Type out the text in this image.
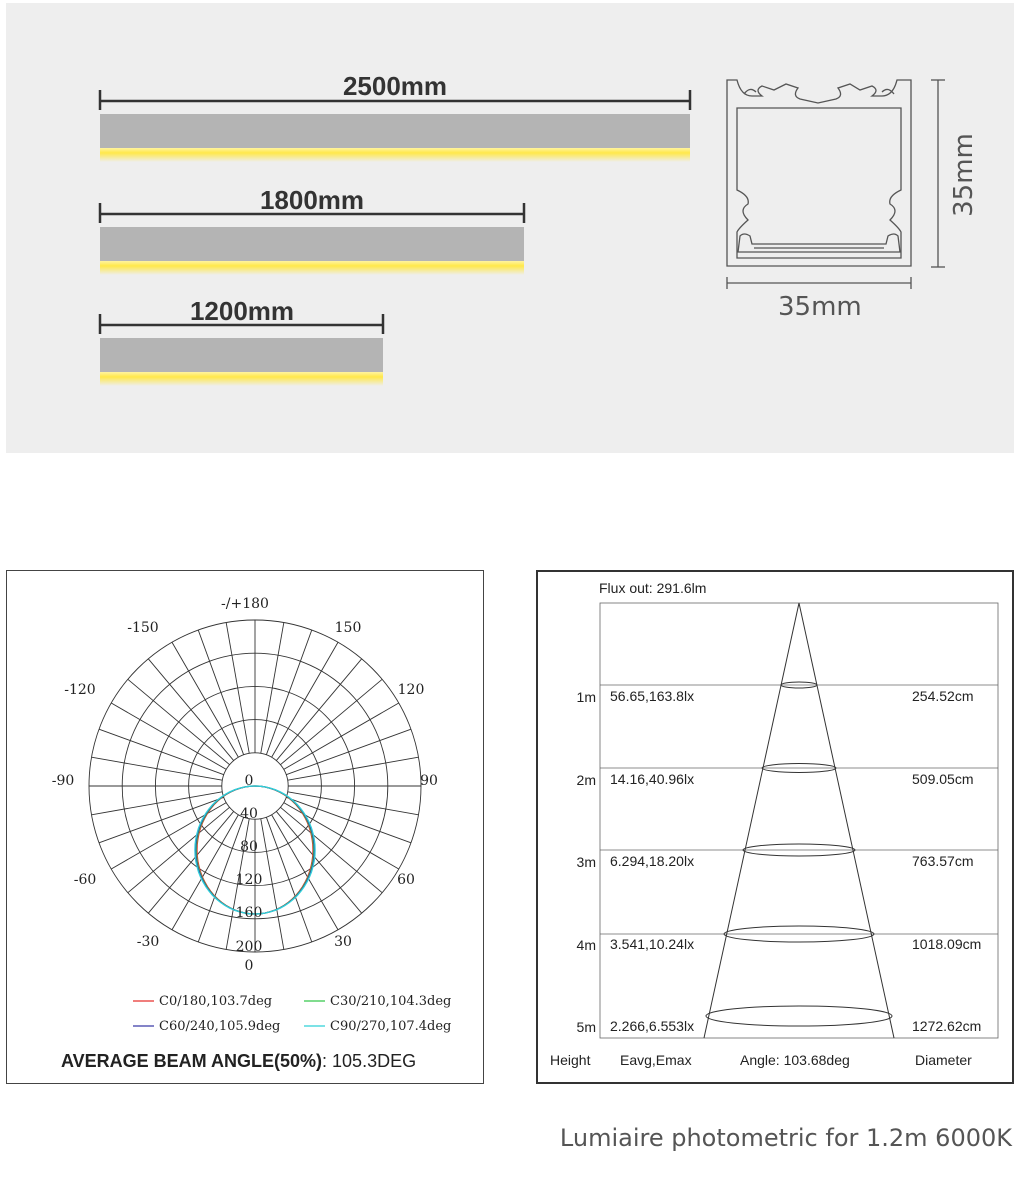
2500mm
1800mm
1200mm
35mm
35mm
-/+180
-150	150
-120	120
-90	90
-60	60
-30	30
0
0
40
80
120
160
200
C0/180,103.7deg	C30/210,104.3deg
C60/240,105.9deg	C90/270,107.4deg
AVERAGE BEAM ANGLE(50%): 105.3DEG
Flux out: 291.6lm
1m 56.65,163.8lx	254.52cm
2m 14.16,40.96lx	509.05cm
3m 6.294,18.20lx	763.57cm
4m 3.541,10.24lx	1018.09cm
5m 2.266,6.553lx	1272.62cm
Height Eavg,Emax	Angle: 103.68deg	Diameter
Lumiaire photometric for 1.2m 6000K
